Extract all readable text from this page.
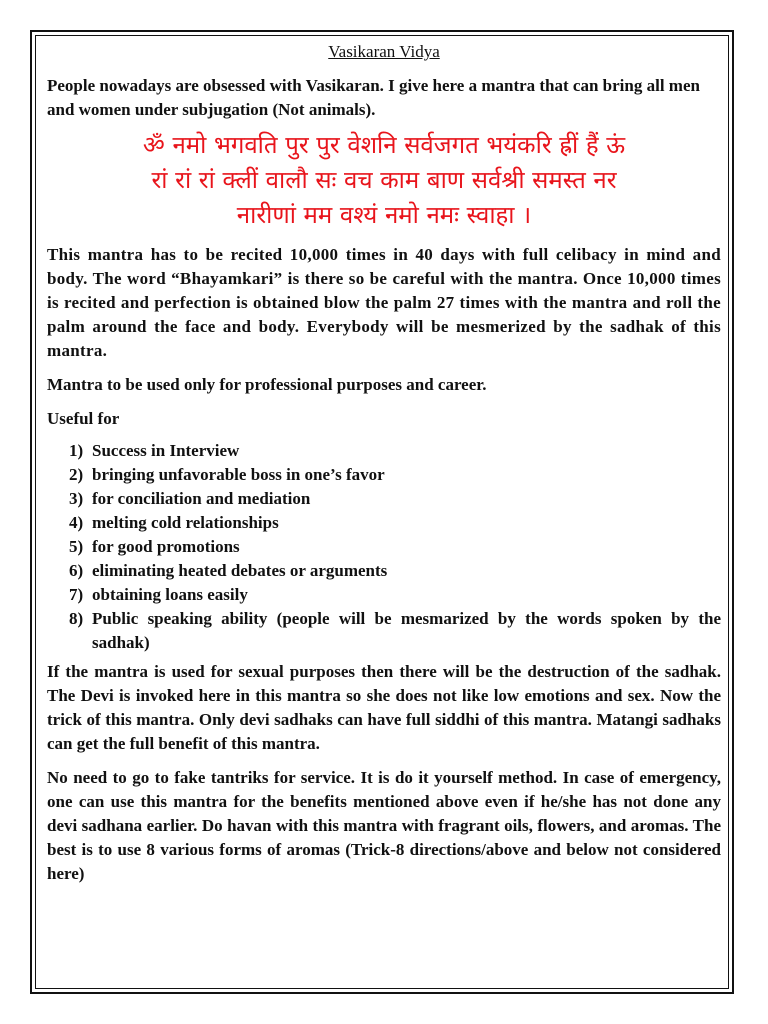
Vasikaran Vidya

People nowadays are obsessed with Vasikaran. I give here a mantra that can bring all men and women under subjugation (Not animals).

ॐ नमो भगवति पुर पुर वेशनि सर्वजगत भयंकरि ह्रीं हैं ऊं
रां रां रां क्लीं वालौ सः वच काम बाण सर्वश्री समस्त नर
नारीणां मम वश्यं नमो नमः स्वाहा ।

This mantra has to be recited 10,000 times in 40 days with full celibacy in mind and body. The word “Bhayamkari” is there so be careful with the mantra. Once 10,000 times is recited and perfection is obtained blow the palm 27 times with the mantra and roll the palm around the face and body. Everybody will be mesmerized by the sadhak of this mantra.

Mantra to be used only for professional purposes and career.

Useful for

1) Success in Interview
2) bringing unfavorable boss in one’s favor
3) for conciliation and mediation
4) melting cold relationships
5) for good promotions
6) eliminating heated debates or arguments
7) obtaining loans easily
8) Public speaking ability (people will be mesmarized by the words spoken by the sadhak)

If the mantra is used for sexual purposes then there will be the destruction of the sadhak. The Devi is invoked here in this mantra so she does not like low emotions and sex. Now the trick of this mantra. Only devi sadhaks can have full siddhi of this mantra. Matangi sadhaks can get the full benefit of this mantra.

No need to go to fake tantriks for service. It is do it yourself method. In case of emergency, one can use this mantra for the benefits mentioned above even if he/she has not done any devi sadhana earlier. Do havan with this mantra with fragrant oils, flowers, and aromas. The best is to use 8 various forms of aromas (Trick-8 directions/above and below not considered here)
